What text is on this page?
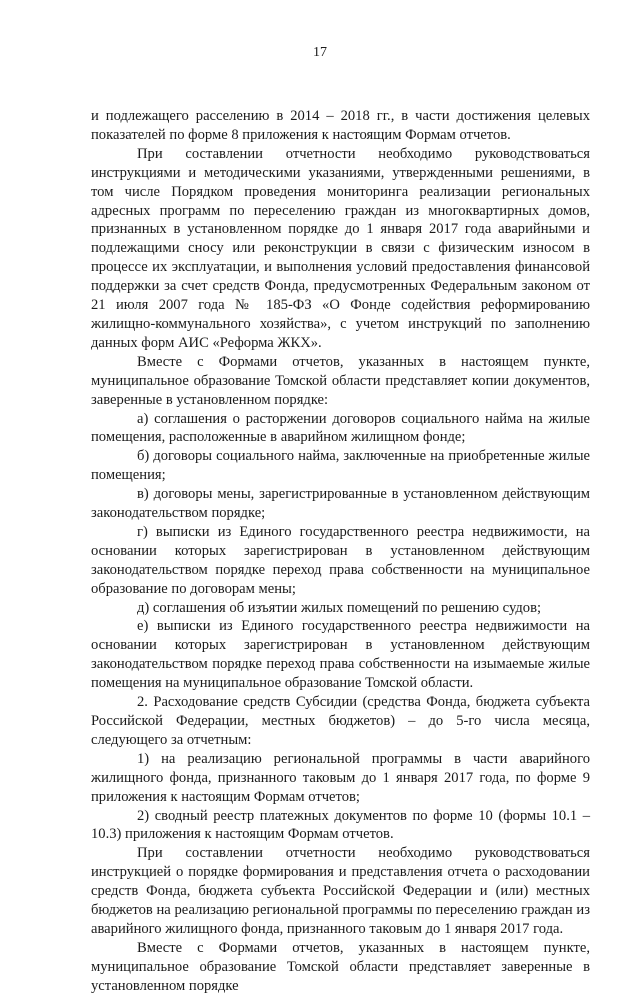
17

и подлежащего расселению в 2014 – 2018 гг., в части достижения целевых показателей по форме 8 приложения к настоящим Формам отчетов.

При составлении отчетности необходимо руководствоваться инструкциями и методическими указаниями, утвержденными решениями, в том числе Порядком проведения мониторинга реализации региональных адресных программ по переселению граждан из многоквартирных домов, признанных в установленном порядке до 1 января 2017 года аварийными и подлежащими сносу или реконструкции в связи с физическим износом в процессе их эксплуатации, и выполнения условий предоставления финансовой поддержки за счет средств Фонда, предусмотренных Федеральным законом от 21 июля 2007 года № 185-ФЗ «О Фонде содействия реформированию жилищно-коммунального хозяйства», с учетом инструкций по заполнению данных форм АИС «Реформа ЖКХ».

Вместе с Формами отчетов, указанных в настоящем пункте, муниципальное образование Томской области представляет копии документов, заверенные в установленном порядке:

а) соглашения о расторжении договоров социального найма на жилые помещения, расположенные в аварийном жилищном фонде;

б) договоры социального найма, заключенные на приобретенные жилые помещения;

в) договоры мены, зарегистрированные в установленном действующим законодательством порядке;

г) выписки из Единого государственного реестра недвижимости, на основании которых зарегистрирован в установленном действующим законодательством порядке переход права собственности на муниципальное образование по договорам мены;

д) соглашения об изъятии жилых помещений по решению судов;

е) выписки из Единого государственного реестра недвижимости на основании которых зарегистрирован в установленном действующим законодательством порядке переход права собственности на изымаемые жилые помещения на муниципальное образование Томской области.

2. Расходование средств Субсидии (средства Фонда, бюджета субъекта Российской Федерации, местных бюджетов) – до 5-го числа месяца, следующего за отчетным:

1) на реализацию региональной программы в части аварийного жилищного фонда, признанного таковым до 1 января 2017 года, по форме 9 приложения к настоящим Формам отчетов;

2) сводный реестр платежных документов по форме 10 (формы 10.1 – 10.3) приложения к настоящим Формам отчетов.

При составлении отчетности необходимо руководствоваться инструкцией о порядке формирования и представления отчета о расходовании средств Фонда, бюджета субъекта Российской Федерации и (или) местных бюджетов на реализацию региональной программы по переселению граждан из аварийного жилищного фонда, признанного таковым до 1 января 2017 года.

Вместе с Формами отчетов, указанных в настоящем пункте, муниципальное образование Томской области представляет заверенные в установленном порядке
